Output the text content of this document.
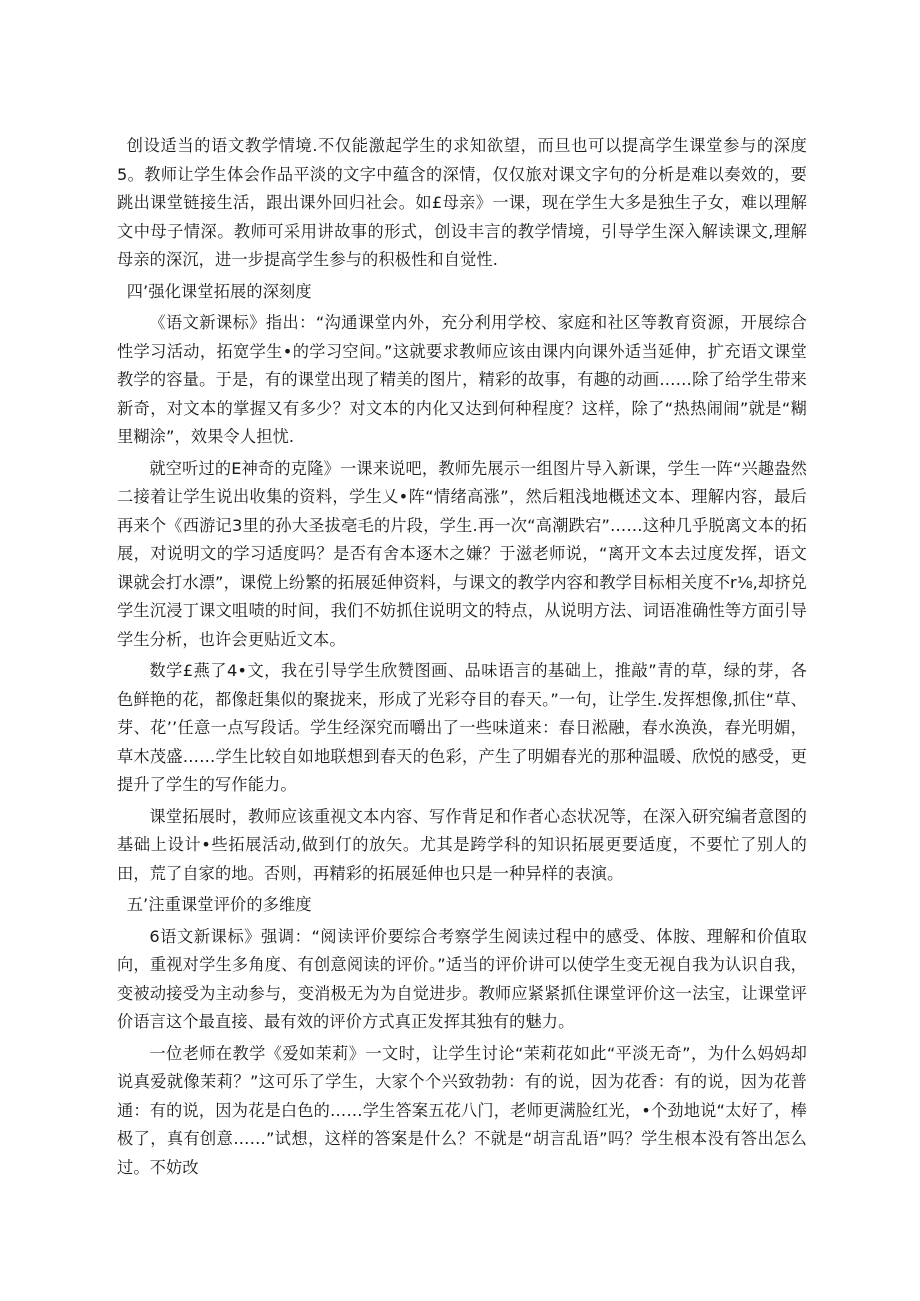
创设适当的语文教学情境.不仅能激起学生的求知欲望，而旦也可以提高学生课堂参与的深度5。教师让学生体会作品平淡的文字中蕴含的深情，仅仅旅对课文字句的分析是难以奏效的，要跳出课堂链接生活，跟出课外回归社会。如£母亲》一课，现在学生大多是独生子女，难以理解文中母子情深。教师可采用讲故事的形式，创设丰言的教学情境，引导学生深入解读课文,理解母亲的深沉，进一步提高学生参与的积极性和自觉性.

四’强化课堂拓展的深刻度

《语文新课标》指出：“沟通课堂内外，充分利用学校、家庭和社区等教育资源，开展综合性学习活动，拓宽学生•的学习空间。”这就要求教师应该由课内向课外适当延伸，扩充语文课堂教学的容量。于是，有的课堂出现了精美的图片，精彩的故事，有趣的动画……除了给学生带来新奇，对文本的掌握又有多少？对文本的内化又达到何种程度？这样，除了“热热闹闹”就是“糊里糊涂”，效果令人担忧.

就空听过的E神奇的克隆》一课来说吧，教师先展示一组图片导入新课，学生一阵“兴趣盎然二接着让学生说出收集的资料，学生乂•阵“情绪高涨”，然后粗浅地概述文本、理解内容，最后再来个《西游记3里的孙大圣拔亳毛的片段，学生.再一次“高潮跌宕”……这种几乎脱离文本的拓展，对说明文的学习适度吗？是否有舍本逐木之嫌？于滋老师说，“离开文本去过度发挥，语文课就会打水漂”，课傥上纷繁的拓展延伸资料，与课文的教学内容和教学目标相关度不r⅛,却挤兑学生沉浸丁课文咀啧的时间，我们不妨抓住说明文的特点，从说明方法、词语准确性等方面引导学生分析，也许会更贴近文本。

数学£燕了4•文，我在引导学生欣赞图画、品味语言的基础上，推敲”青的草，绿的芽，各色鲜艳的花，都像赶集似的聚拢来，形成了光彩夺目的春天。”一句，让学生.发挥想像,抓住“草、芽、花’’任意一点写段话。学生经深究而嚼出了一些味道来：春日淞融，春水涣涣，春光明媚，草木茂盛……学生比较自如地联想到春天的色彩，产生了明媚春光的那种温暖、欣悦的感受，更提升了学生的写作能力。

课堂拓展时，教师应该重视文本内容、写作背足和作者心态状况等，在深入研究编者意图的基础上设计•些拓展活动,做到仃的放矢。尤其是跨学科的知识拓展更要适度，不要忙了别人的田，荒了自家的地。否则，再精彩的拓展延伸也只是一种异样的表演。

五’注重课堂评价的多维度

6语文新课标》强调：“阅读评价要综合考察学生阅读过程中的感受、体胺、理解和价值取向，重视对学生多角度、有创意阅读的评价。”适当的评价讲可以使学生变无视自我为认识自我，变被动接受为主动参与，变消极无为为自觉进步。教师应紧紧抓住课堂评价这一法宝，让课堂评价语言这个最直接、最有效的评价方式真正发挥其独有的魅力。

一位老师在教学《爱如茉莉》一文时，让学生讨论“茉莉花如此“平淡无奇”，为什么妈妈却说真爱就像茉莉？”这可乐了学生，大家个个兴致勃勃：有的说，因为花香：有的说，因为花普通：有的说，因为花是白色的……学生答案五花八门，老师更满脸红光，•个劲地说“太好了，棒极了，真有创意……”试想，这样的答案是什么？不就是“胡言乱语”吗？学生根本没有答出怎么过。不妨改
